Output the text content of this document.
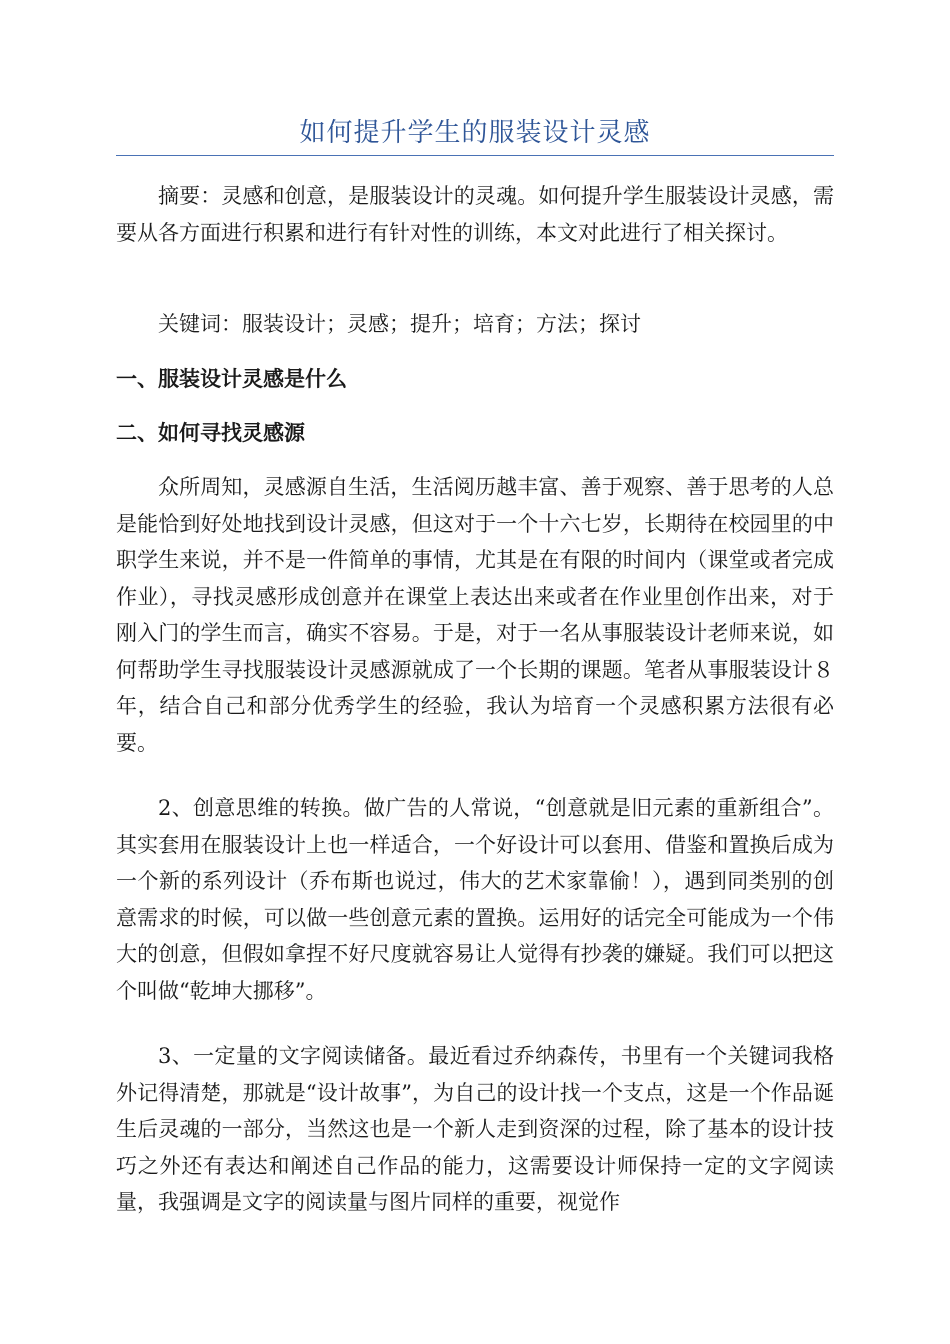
如何提升学生的服装设计灵感

摘要：灵感和创意，是服装设计的灵魂。如何提升学生服装设计灵感，需要从各方面进行积累和进行有针对性的训练，本文对此进行了相关探讨。

关键词：服装设计；灵感；提升；培育；方法；探讨

一、服装设计灵感是什么

二、如何寻找灵感源

众所周知，灵感源自生活，生活阅历越丰富、善于观察、善于思考的人总是能恰到好处地找到设计灵感，但这对于一个十六七岁，长期待在校园里的中职学生来说，并不是一件简单的事情，尤其是在有限的时间内（课堂或者完成作业），寻找灵感形成创意并在课堂上表达出来或者在作业里创作出来，对于刚入门的学生而言，确实不容易。于是，对于一名从事服装设计老师来说，如何帮助学生寻找服装设计灵感源就成了一个长期的课题。笔者从事服装设计８年，结合自己和部分优秀学生的经验，我认为培育一个灵感积累方法很有必要。

2、创意思维的转换。做广告的人常说，“创意就是旧元素的重新组合”。其实套用在服装设计上也一样适合，一个好设计可以套用、借鉴和置换后成为一个新的系列设计（乔布斯也说过，伟大的艺术家靠偷！），遇到同类别的创意需求的时候，可以做一些创意元素的置换。运用好的话完全可能成为一个伟大的创意，但假如拿捏不好尺度就容易让人觉得有抄袭的嫌疑。我们可以把这个叫做“乾坤大挪移”。

3、一定量的文字阅读储备。最近看过乔纳森传，书里有一个关键词我格外记得清楚，那就是“设计故事”，为自己的设计找一个支点，这是一个作品诞生后灵魂的一部分，当然这也是一个新人走到资深的过程，除了基本的设计技巧之外还有表达和阐述自己作品的能力，这需要设计师保持一定的文字阅读量，我强调是文字的阅读量与图片同样的重要，视觉作
